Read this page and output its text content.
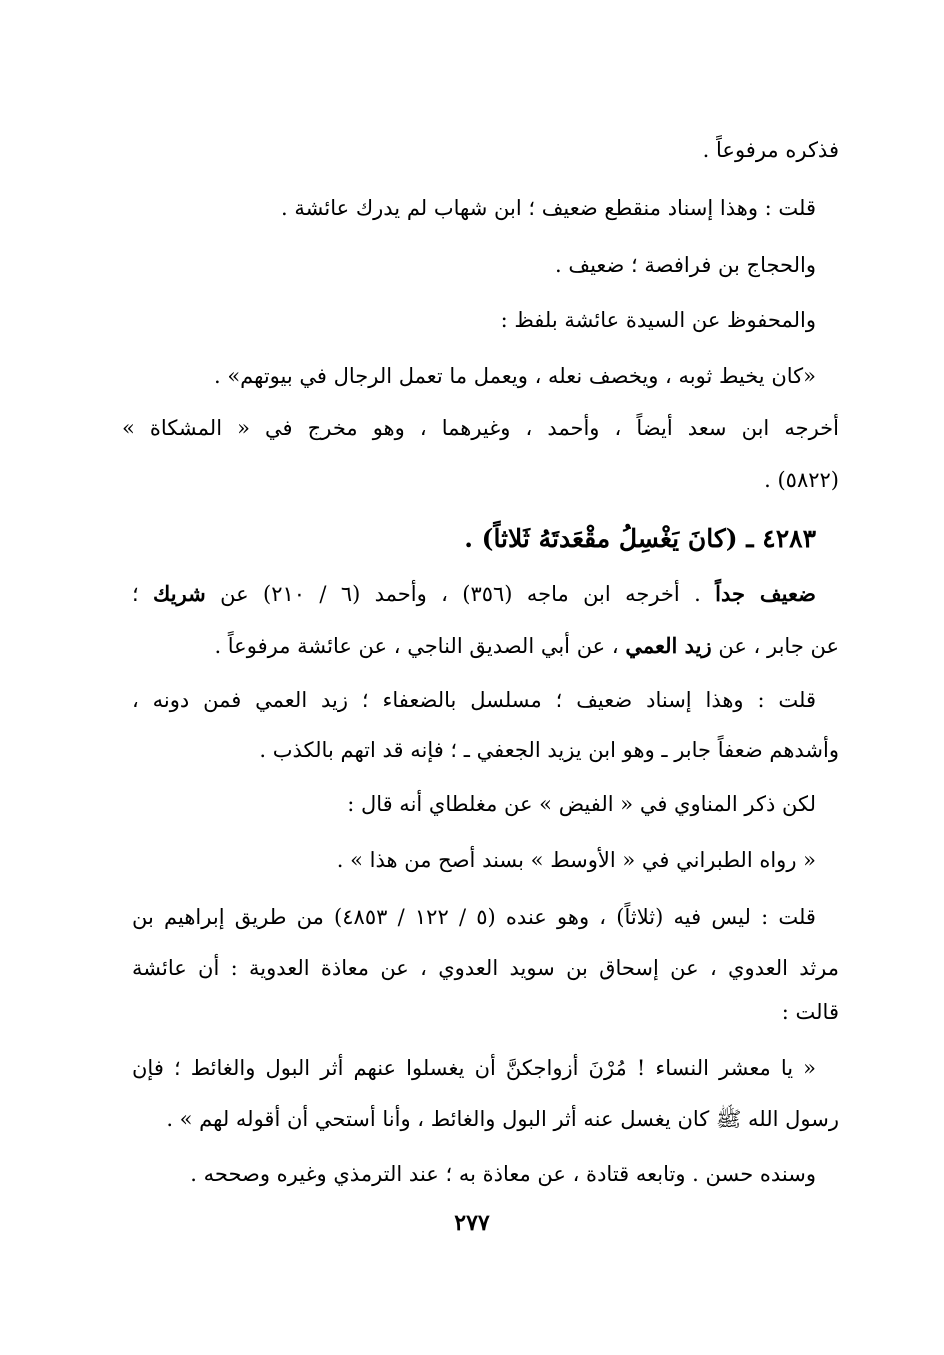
فذكره مرفوعاً .
قلت : وهذا إسناد منقطع ضعيف ؛ ابن شهاب لم يدرك عائشة .
والحجاج بن فرافصة ؛ ضعيف .
والمحفوظ عن السيدة عائشة بلفظ :
«كان يخيط ثوبه ، ويخصف نعله ، ويعمل ما تعمل الرجال في بيوتهم» .
أخرجه ابن سعد أيضاً ، وأحمد ، وغيرهما ، وهو مخرج في « المشكاة »
(٥٨٢٢) .
٤٢٨٣ ـ (كانَ يَغْسِلُ مقْعَدتَهُ ثَلاثاً) .
ضعيف جداً . أخرجه ابن ماجه (٣٥٦) ، وأحمد (٦ / ٢١٠) عن شريك ؛
عن جابر ، عن زيد العمي ، عن أبي الصديق الناجي ، عن عائشة مرفوعاً .
قلت : وهذا إسناد ضعيف ؛ مسلسل بالضعفاء ؛ زيد العمي فمن دونه ،
وأشدهم ضعفاً جابر ـ وهو ابن يزيد الجعفي ـ ؛ فإنه قد اتهم بالكذب .
لكن ذكر المناوي في « الفيض » عن مغلطاي أنه قال :
« رواه الطبراني في « الأوسط » بسند أصح من هذا » .
قلت : ليس فيه (ثلاثاً) ، وهو عنده (٥ / ١٢٢ / ٤٨٥٣) من طريق إبراهيم بن
مرثد العدوي ، عن إسحاق بن سويد العدوي ، عن معاذة العدوية : أن عائشة
قالت :
« يا معشر النساء ! مُرْنَ أزواجكنَّ أن يغسلوا عنهم أثر البول والغائط ؛ فإن
رسول الله ﷺ كان يغسل عنه أثر البول والغائط ، وأنا أستحي أن أقوله لهم » .
وسنده حسن . وتابعه قتادة ، عن معاذة به ؛ عند الترمذي وغيره وصححه .
٢٧٧
